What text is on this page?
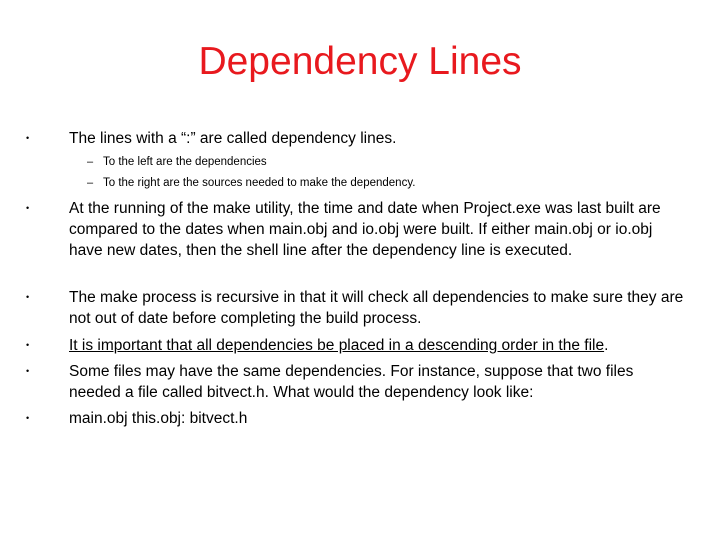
Dependency Lines
•	The lines with a “:” are called dependency lines.
– To the left are the dependencies
– To the right are the sources needed to make the dependency.
•	At the running of the make utility, the time and date when Project.exe was last built are compared to the dates when main.obj and io.obj were built. If either main.obj or io.obj have new dates, then the shell line after the dependency line is executed.
•	The make process is recursive in that it will check all dependencies to make sure they are not out of date before completing the build process.
•	It is important that all dependencies be placed in a descending order in the file.
•	Some files may have the same dependencies. For instance, suppose that two files needed a file called bitvect.h. What would the dependency look like:
•	main.obj this.obj: bitvect.h
